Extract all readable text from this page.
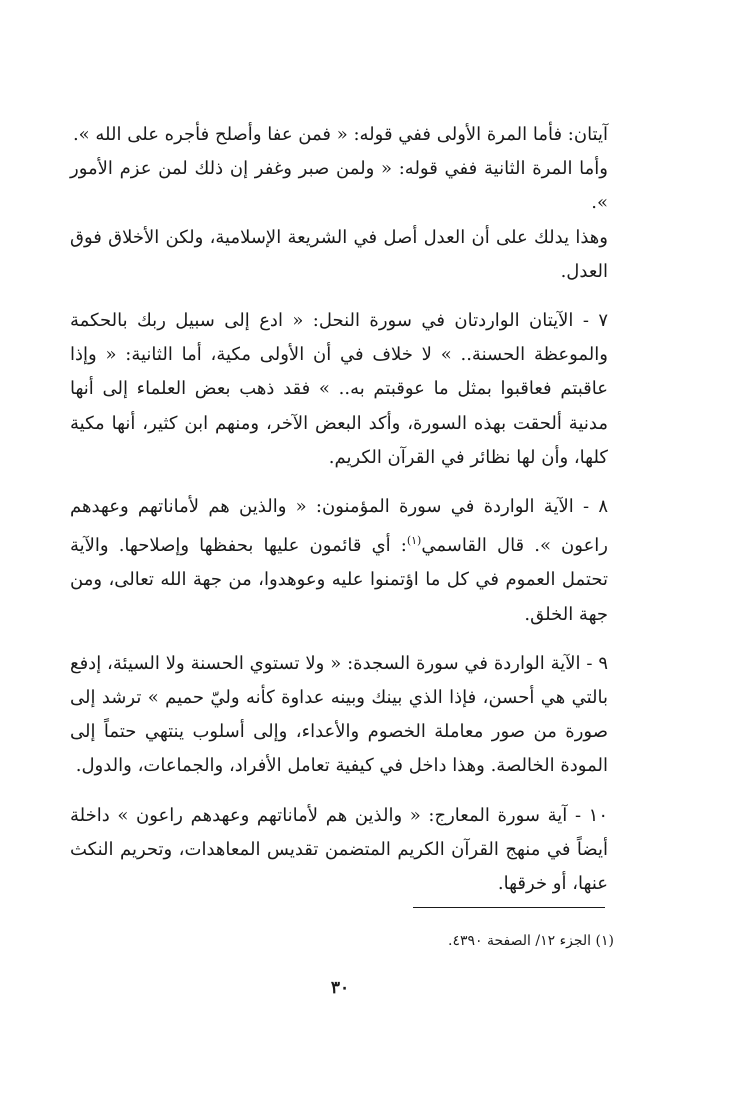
آيتان: فأما المرة الأولى ففي قوله: « فمن عفا وأصلح فأجره على الله ».

وأما المرة الثانية ففي قوله: « ولمن صبر وغفر إن ذلك لمن عزم الأمور ».

وهذا يدلك على أن العدل أصل في الشريعة الإسلامية، ولكن الأخلاق فوق العدل.

٧ - الآيتان الواردتان في سورة النحل: « ادع إلى سبيل ربك بالحكمة والموعظة الحسنة.. » لا خلاف في أن الأولى مكية، أما الثانية: « وإذا عاقبتم فعاقبوا بمثل ما عوقبتم به.. » فقد ذهب بعض العلماء إلى أنها مدنية ألحقت بهذه السورة، وأكد البعض الآخر، ومنهم ابن كثير، أنها مكية كلها، وأن لها نظائر في القرآن الكريم.

٨ - الآية الواردة في سورة المؤمنون: « والذين هم لأماناتهم وعهدهم راعون ». قال القاسمي$^{(١)}$: أي قائمون عليها بحفظها وإصلاحها. والآية تحتمل العموم في كل ما اؤتمنوا عليه وعوهدوا، من جهة الله تعالى، ومن جهة الخلق.

٩ - الآية الواردة في سورة السجدة: « ولا تستوي الحسنة ولا السيئة، إدفع بالتي هي أحسن، فإذا الذي بينك وبينه عداوة كأنه وليّ حميم » ترشد إلى صورة من صور معاملة الخصوم والأعداء، وإلى أسلوب ينتهي حتماً إلى المودة الخالصة. وهذا داخل في كيفية تعامل الأفراد، والجماعات، والدول.

١٠ - آية سورة المعارج: « والذين هم لأماناتهم وعهدهم راعون » داخلة أيضاً في منهج القرآن الكريم المتضمن تقديس المعاهدات، وتحريم النكث عنها، أو خرقها.

(١) الجزء ١٢/ الصفحة ٤٣٩٠.
٣٠
